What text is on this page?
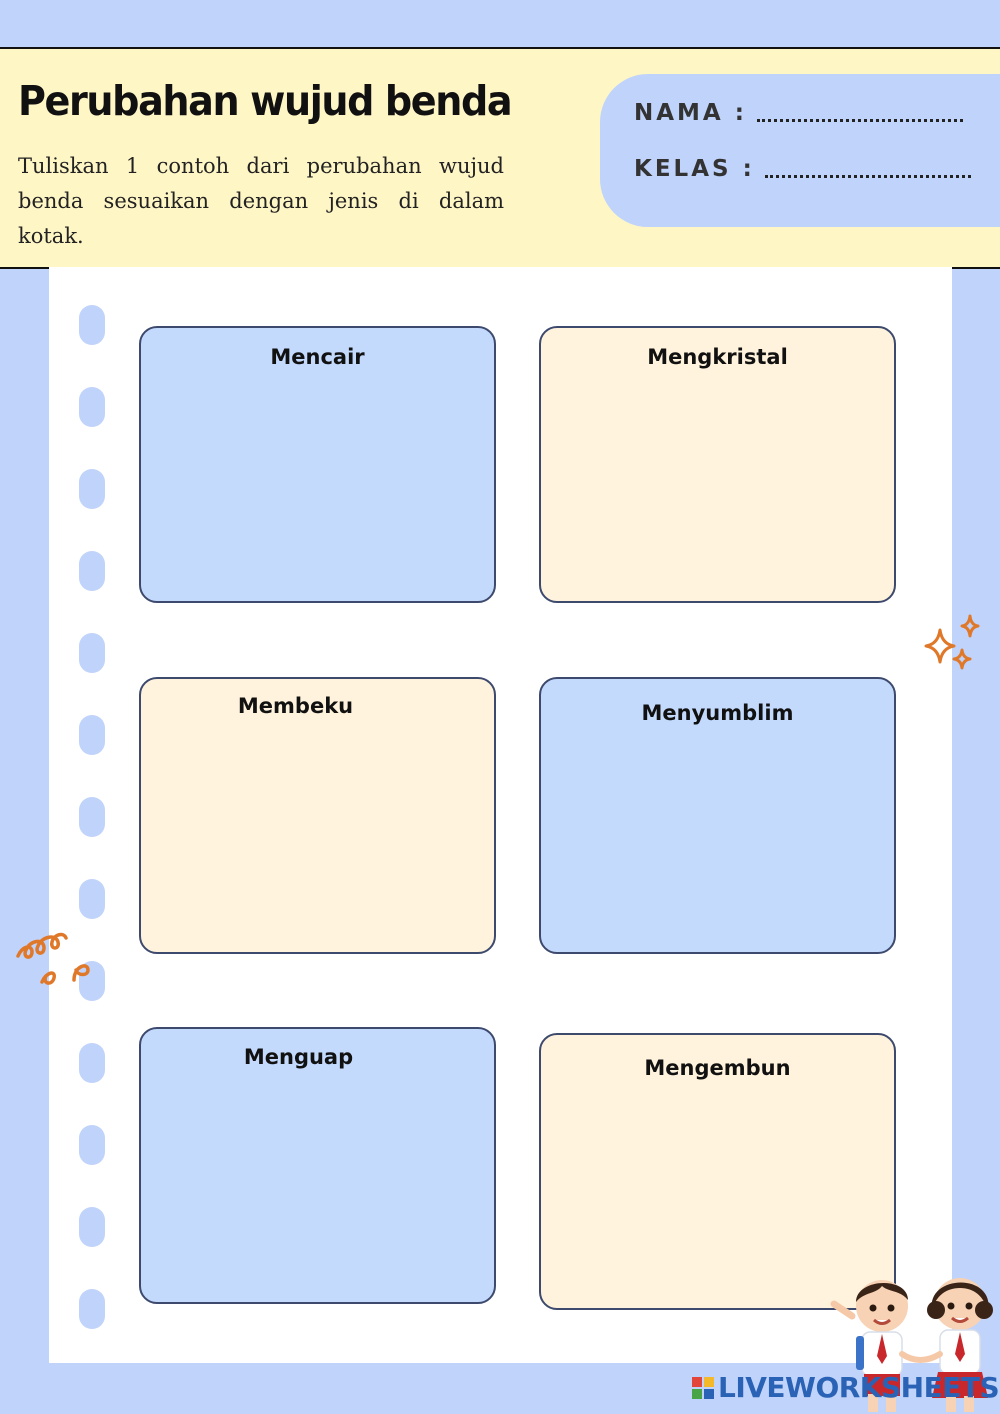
Perubahan wujud benda

Tuliskan 1 contoh dari perubahan wujud benda sesuaikan dengan jenis di dalam kotak.

NAMA :
KELAS :
Mencair	Mengkristal
Membeku	Menyumblim
Menguap	Mengembun
LIVEWORKSHEETS
